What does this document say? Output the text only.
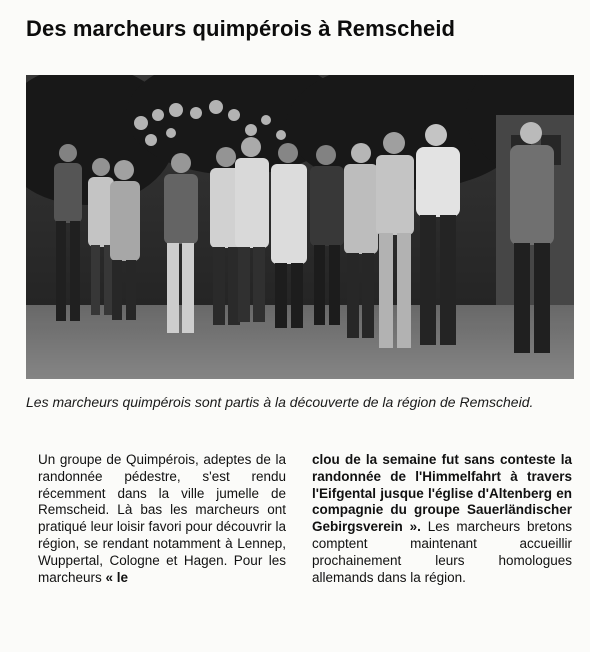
Des marcheurs quimpérois à Remscheid
Les marcheurs quimpérois sont partis à la découverte de la région de Remscheid.

Un groupe de Quimpérois, adeptes de la randonnée pédestre, s'est rendu récemment dans la ville jumelle de Remscheid. Là bas les marcheurs ont pratiqué leur loisir favori pour découvrir la région, se rendant notamment à Lennep, Wuppertal, Cologne et Hagen. Pour les marcheurs « le

clou de la semaine fut sans conteste la randonnée de l'Himmelfahrt à travers l'Eifgental jusque l'église d'Altenberg en compagnie du groupe Sauerländischer Gebirgsverein ». Les marcheurs bretons comptent maintenant accueillir prochainement leurs homologues allemands dans la région.
